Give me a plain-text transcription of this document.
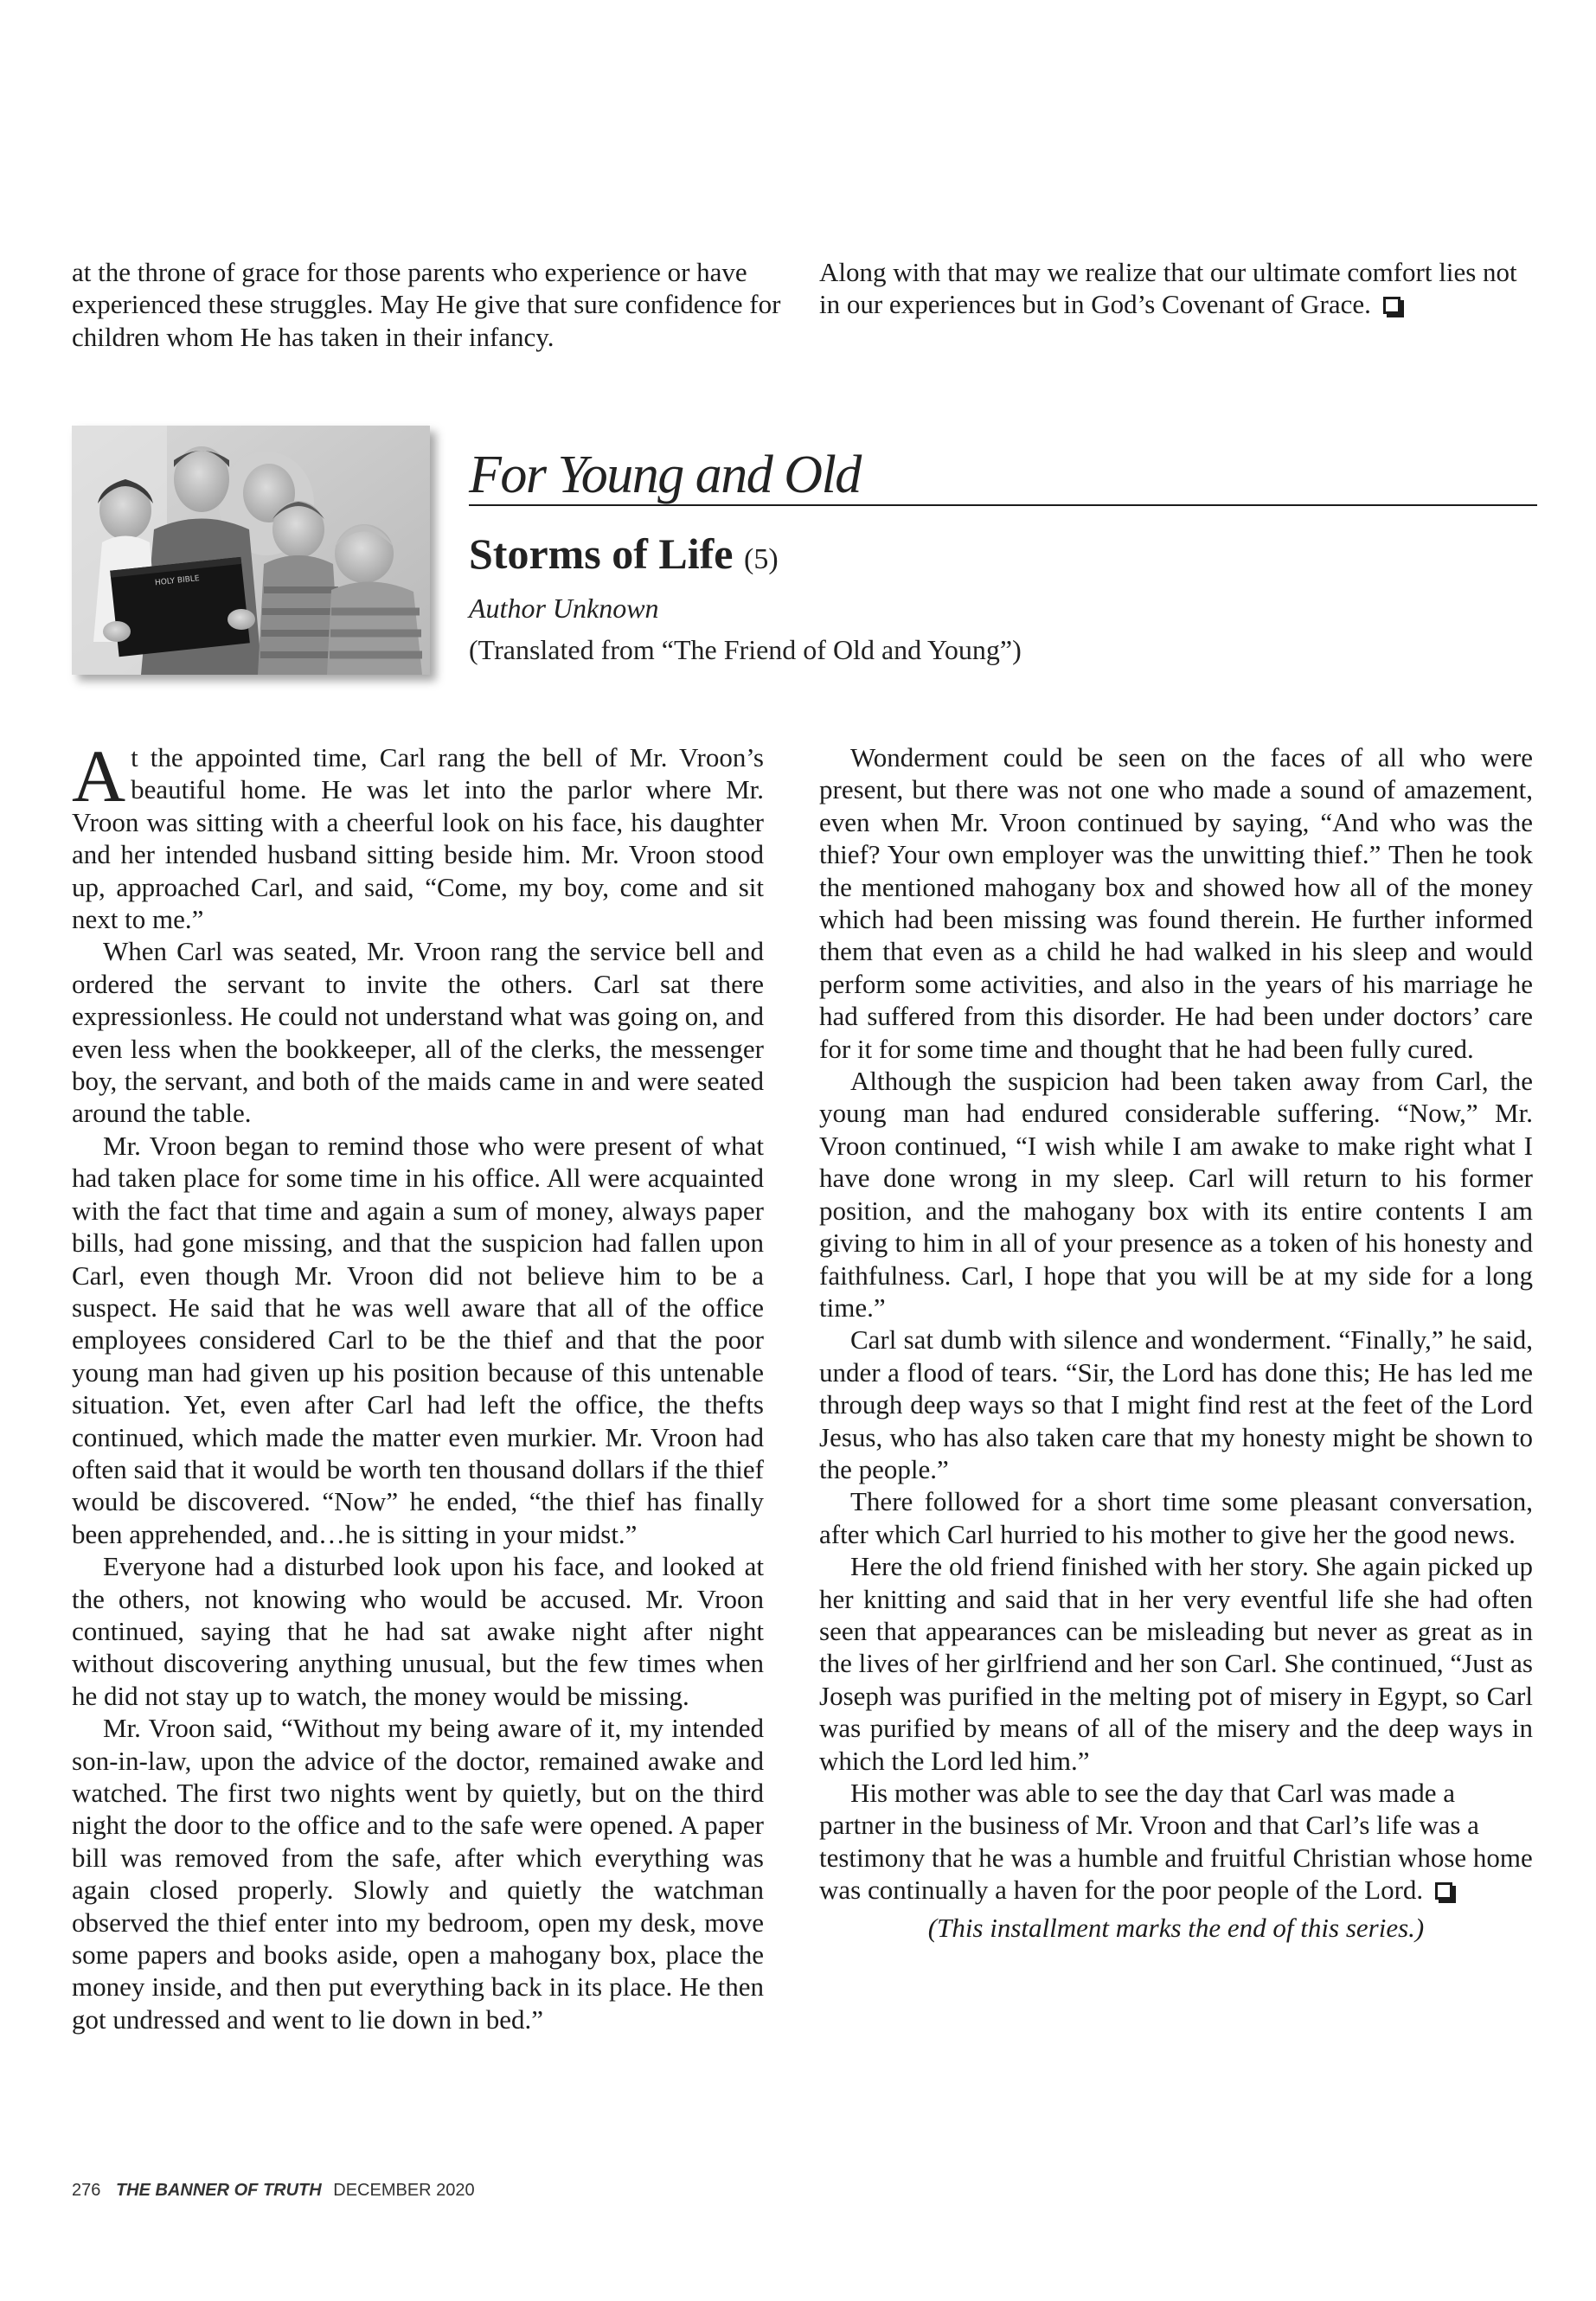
at the throne of grace for those parents who experience or have experienced these struggles. May He give that sure confidence for children whom He has taken in their infancy.

Along with that may we realize that our ultimate comfort lies not in our experiences but in God’s Covenant of Grace.

HOLY BIBLE
For Young and Old
Storms of Life (5)
Author Unknown
(Translated from “The Friend of Old and Young”)

At the appointed time, Carl rang the bell of Mr. Vroon’s beautiful home. He was let into the parlor where Mr. Vroon was sitting with a cheerful look on his face, his daughter and her intended husband sitting beside him. Mr. Vroon stood up, approached Carl, and said, “Come, my boy, come and sit next to me.”

When Carl was seated, Mr. Vroon rang the service bell and ordered the servant to invite the others. Carl sat there expressionless. He could not understand what was going on, and even less when the bookkeeper, all of the clerks, the messenger boy, the servant, and both of the maids came in and were seated around the table.

Mr. Vroon began to remind those who were present of what had taken place for some time in his office. All were acquainted with the fact that time and again a sum of money, always paper bills, had gone missing, and that the suspicion had fallen upon Carl, even though Mr. Vroon did not believe him to be a suspect. He said that he was well aware that all of the office employees considered Carl to be the thief and that the poor young man had given up his position because of this untenable situation. Yet, even after Carl had left the office, the thefts continued, which made the matter even murkier. Mr. Vroon had often said that it would be worth ten thousand dollars if the thief would be discovered. “Now” he ended, “the thief has finally been apprehended, and…he is sitting in your midst.”

Everyone had a disturbed look upon his face, and looked at the others, not knowing who would be accused. Mr. Vroon continued, saying that he had sat awake night after night without discovering anything unusual, but the few times when he did not stay up to watch, the money would be missing.

Mr. Vroon said, “Without my being aware of it, my intended son-in-law, upon the advice of the doctor, remained awake and watched. The first two nights went by quietly, but on the third night the door to the office and to the safe were opened. A paper bill was removed from the safe, after which everything was again closed properly. Slowly and quietly the watchman observed the thief enter into my bedroom, open my desk, move some papers and books aside, open a mahogany box, place the money inside, and then put everything back in its place. He then got undressed and went to lie down in bed.”

Wonderment could be seen on the faces of all who were present, but there was not one who made a sound of amazement, even when Mr. Vroon continued by saying, “And who was the thief? Your own employer was the unwitting thief.” Then he took the mentioned mahogany box and showed how all of the money which had been missing was found therein. He further informed them that even as a child he had walked in his sleep and would perform some activities, and also in the years of his marriage he had suffered from this disorder. He had been under doctors’ care for it for some time and thought that he had been fully cured.

Although the suspicion had been taken away from Carl, the young man had endured considerable suffering. “Now,” Mr. Vroon continued, “I wish while I am awake to make right what I have done wrong in my sleep. Carl will return to his former position, and the mahogany box with its entire contents I am giving to him in all of your presence as a token of his honesty and faithfulness. Carl, I hope that you will be at my side for a long time.”

Carl sat dumb with silence and wonderment. “Finally,” he said, under a flood of tears. “Sir, the Lord has done this; He has led me through deep ways so that I might find rest at the feet of the Lord Jesus, who has also taken care that my honesty might be shown to the people.”

There followed for a short time some pleasant conversation, after which Carl hurried to his mother to give her the good news.

Here the old friend finished with her story. She again picked up her knitting and said that in her very eventful life she had often seen that appearances can be misleading but never as great as in the lives of her girlfriend and her son Carl. She continued, “Just as Joseph was purified in the melting pot of misery in Egypt, so Carl was purified by means of all of the misery and the deep ways in which the Lord led him.”

His mother was able to see the day that Carl was made a partner in the business of Mr. Vroon and that Carl’s life was a testimony that he was a humble and fruitful Christian whose home was continually a haven for the poor people of the Lord.

(This installment marks the end of this series.)

276 THE BANNER OF TRUTH DECEMBER 2020
